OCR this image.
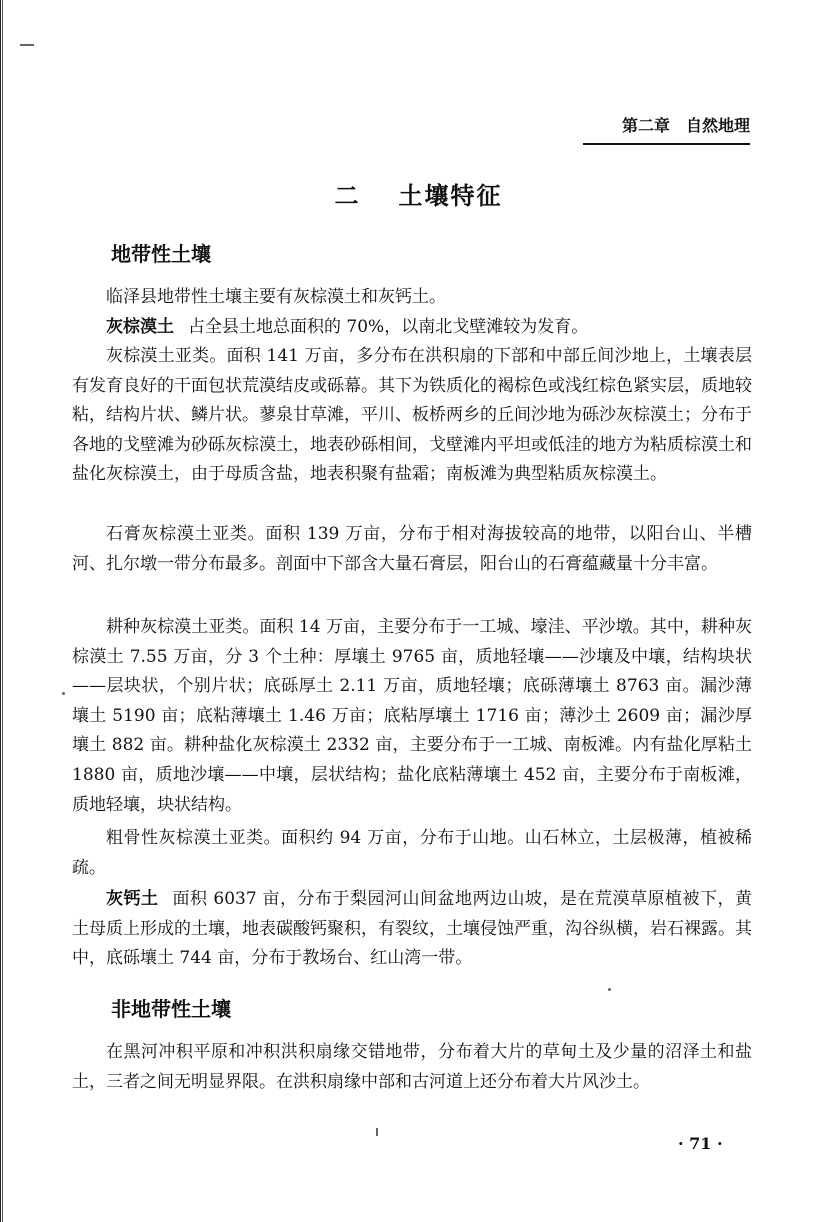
第二章　自然地理
二 土壤特征
地带性土壤

临泽县地带性土壤主要有灰棕漠土和灰钙土。

灰棕漠土 占全县土地总面积的 70%，以南北戈壁滩较为发育。

灰棕漠土亚类。面积 141 万亩，多分布在洪积扇的下部和中部丘间沙地上，土壤表层有发育良好的干面包状荒漠结皮或砾幕。其下为铁质化的褐棕色或浅红棕色紧实层，质地较粘，结构片状、鳞片状。蓼泉甘草滩，平川、板桥两乡的丘间沙地为砾沙灰棕漠土；分布于各地的戈壁滩为砂砾灰棕漠土，地表砂砾相间，戈壁滩内平坦或低洼的地方为粘质棕漠土和盐化灰棕漠土，由于母质含盐，地表积聚有盐霜；南板滩为典型粘质灰棕漠土。

石膏灰棕漠土亚类。面积 139 万亩，分布于相对海拔较高的地带，以阳台山、半槽河、扎尔墩一带分布最多。剖面中下部含大量石膏层，阳台山的石膏蕴藏量十分丰富。

耕种灰棕漠土亚类。面积 14 万亩，主要分布于一工城、壕洼、平沙墩。其中，耕种灰棕漠土 7.55 万亩，分 3 个土种：厚壤土 9765 亩，质地轻壤——沙壤及中壤，结构块状——层块状，个别片状；底砾厚土 2.11 万亩，质地轻壤；底砾薄壤土 8763 亩。漏沙薄壤土 5190 亩；底粘薄壤土 1.46 万亩；底粘厚壤土 1716 亩；薄沙土 2609 亩；漏沙厚壤土 882 亩。耕种盐化灰棕漠土 2332 亩，主要分布于一工城、南板滩。内有盐化厚粘土 1880 亩，质地沙壤——中壤，层状结构；盐化底粘薄壤土 452 亩，主要分布于南板滩，质地轻壤，块状结构。

粗骨性灰棕漠土亚类。面积约 94 万亩，分布于山地。山石林立，土层极薄，植被稀疏。

灰钙土 面积 6037 亩，分布于梨园河山间盆地两边山坡，是在荒漠草原植被下，黄土母质上形成的土壤，地表碳酸钙聚积，有裂纹，土壤侵蚀严重，沟谷纵横，岩石裸露。其中，底砾壤土 744 亩，分布于教场台、红山湾一带。

非地带性土壤

在黑河冲积平原和冲积洪积扇缘交错地带，分布着大片的草甸土及少量的沼泽土和盐土，三者之间无明显界限。在洪积扇缘中部和古河道上还分布着大片风沙土。

· 71 ·
